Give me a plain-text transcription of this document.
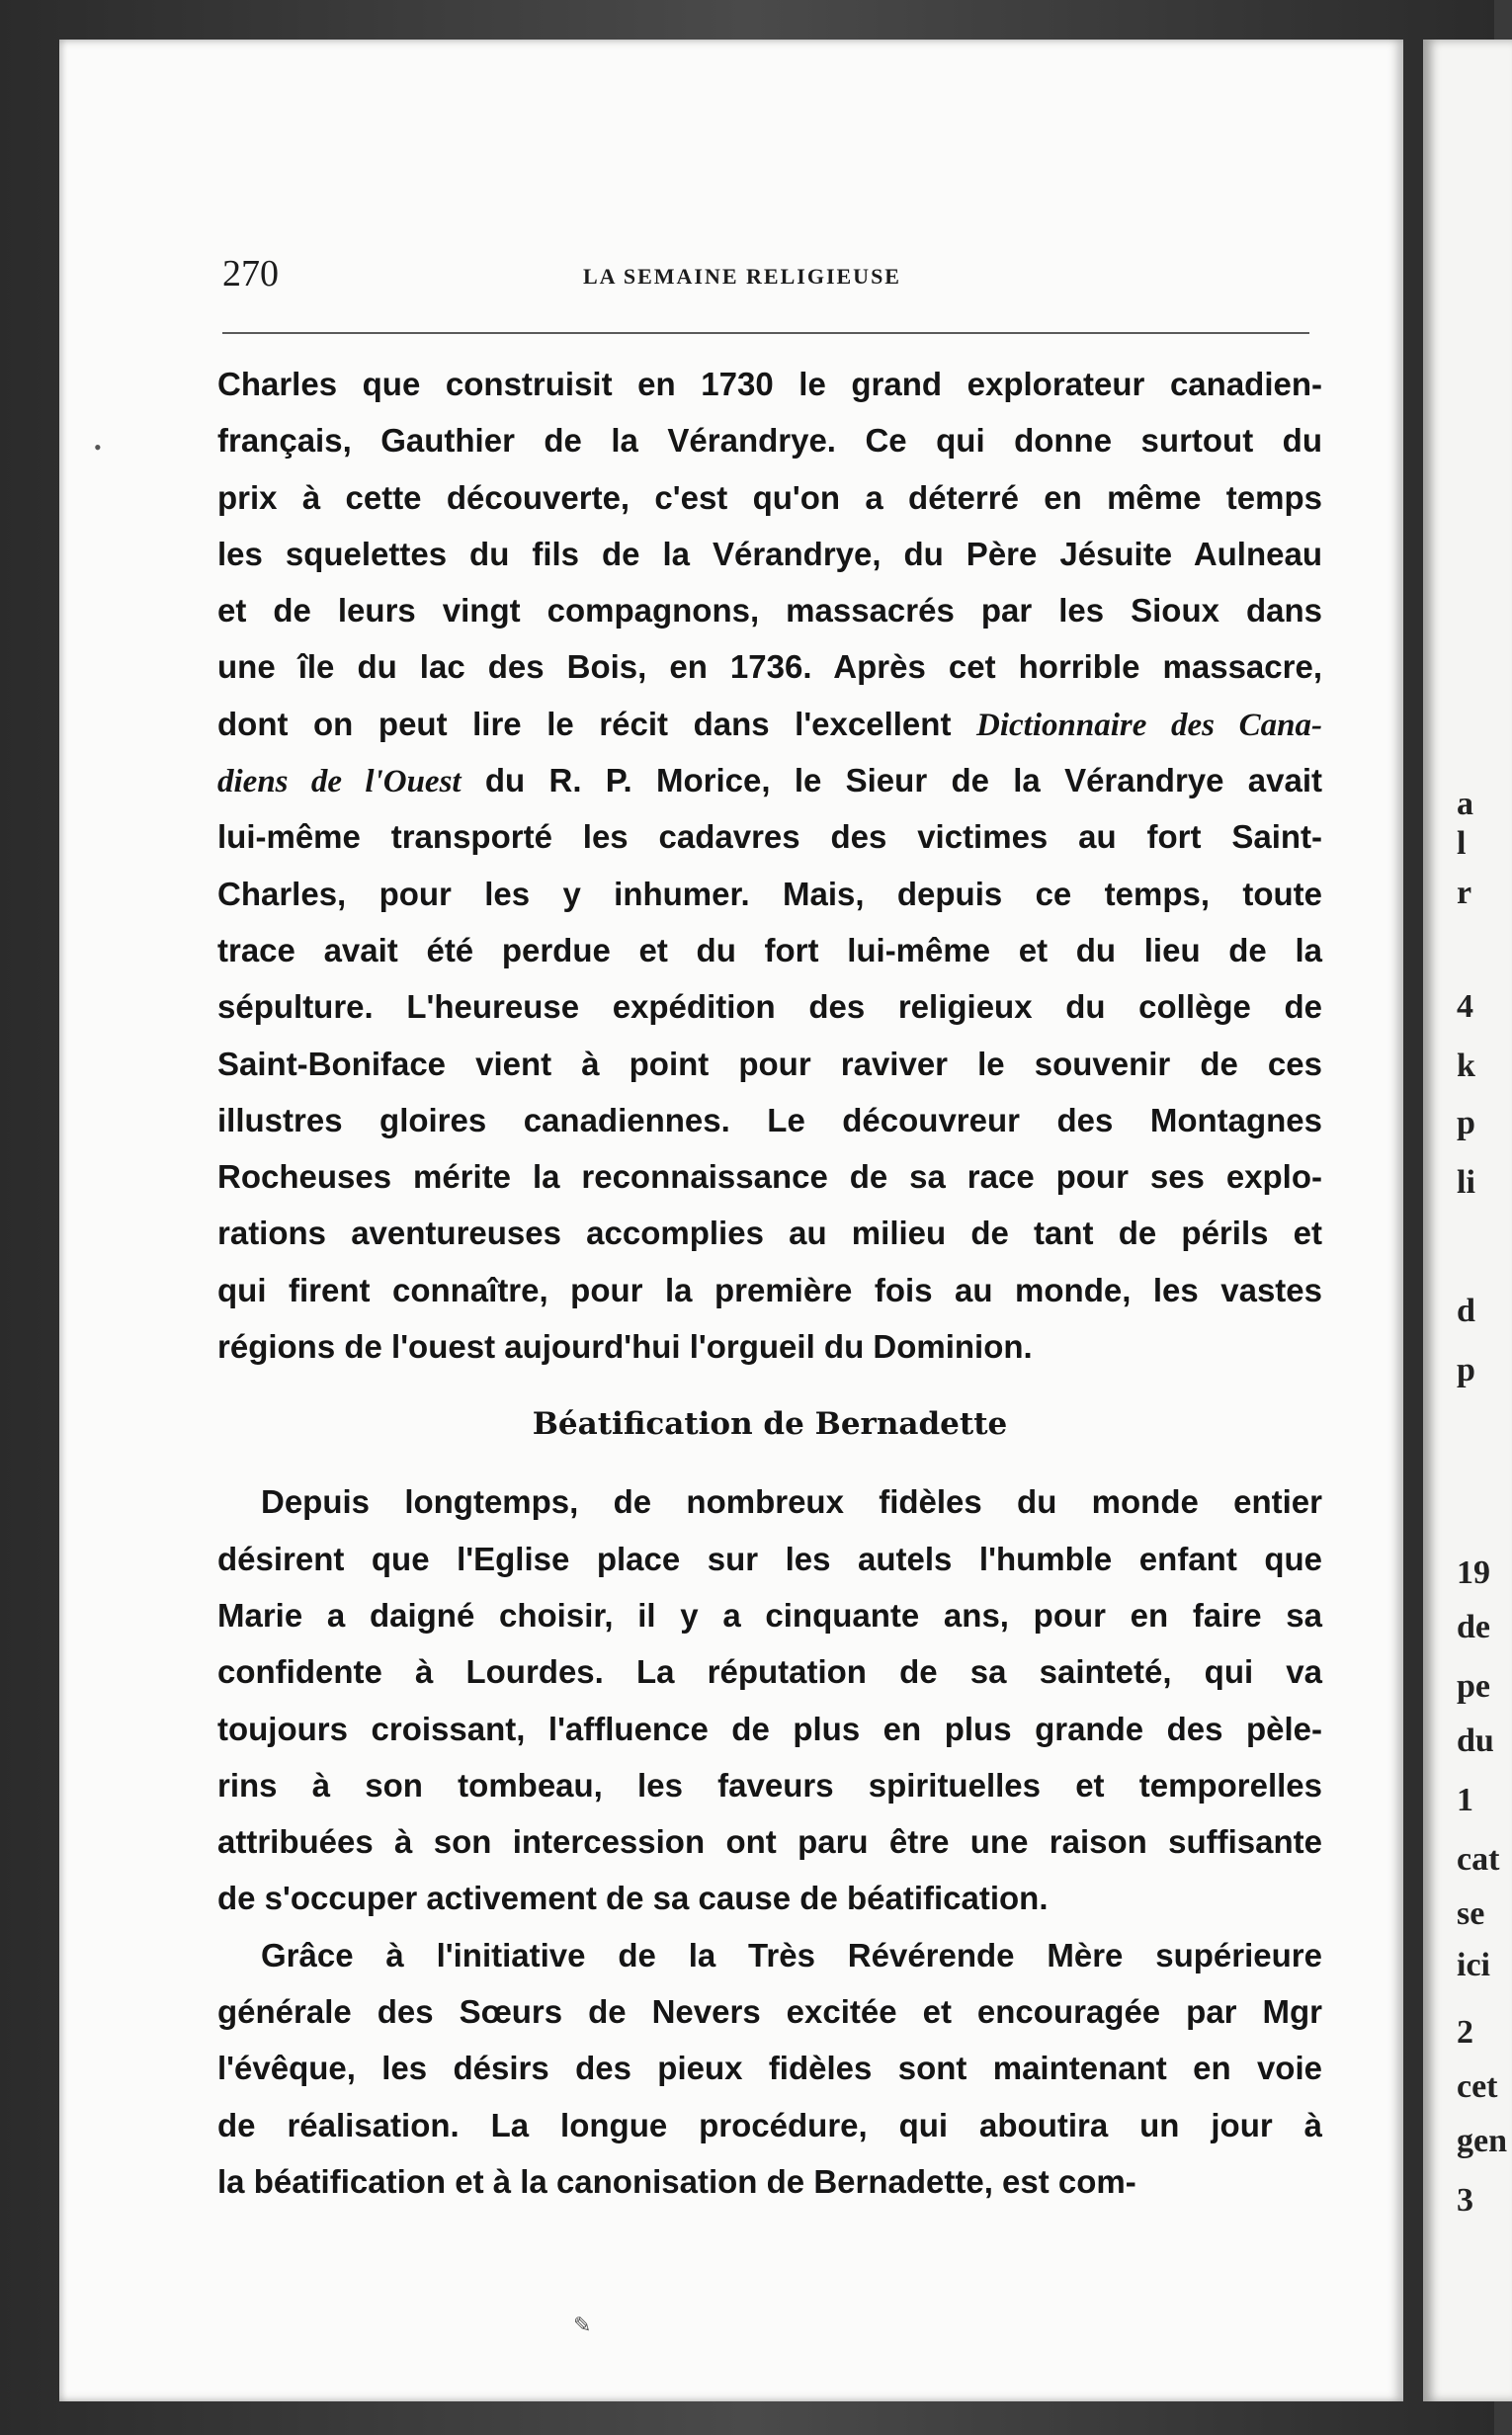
a
l
r
4
k
p
li
d
p
19
de
pe
du
1
cat
se
ici
2
cet
gen
3
270	LA SEMAINE RELIGIEUSE
Charles que construisit en 1730 le grand explorateur canadien-
français, Gauthier de la Vérandrye. Ce qui donne surtout du
prix à cette découverte, c'est qu'on a déterré en même temps
les squelettes du fils de la Vérandrye, du Père Jésuite Aulneau
et de leurs vingt compagnons, massacrés par les Sioux dans
une île du lac des Bois, en 1736. Après cet horrible massacre,
dont on peut lire le récit dans l'excellent Dictionnaire des Cana-
diens de l'Ouest du R. P. Morice, le Sieur de la Vérandrye avait
lui-même transporté les cadavres des victimes au fort Saint-
Charles, pour les y inhumer. Mais, depuis ce temps, toute
trace avait été perdue et du fort lui-même et du lieu de la
sépulture. L'heureuse expédition des religieux du collège de
Saint-Boniface vient à point pour raviver le souvenir de ces
illustres gloires canadiennes. Le découvreur des Montagnes
Rocheuses mérite la reconnaissance de sa race pour ses explo-
rations aventureuses accomplies au milieu de tant de périls et
qui firent connaître, pour la première fois au monde, les vastes
régions de l'ouest aujourd'hui l'orgueil du Dominion.
Béatification de Bernadette
Depuis longtemps, de nombreux fidèles du monde entier
désirent que l'Eglise place sur les autels l'humble enfant que
Marie a daigné choisir, il y a cinquante ans, pour en faire sa
confidente à Lourdes. La réputation de sa sainteté, qui va
toujours croissant, l'affluence de plus en plus grande des pèle-
rins à son tombeau, les faveurs spirituelles et temporelles
attribuées à son intercession ont paru être une raison suffisante
de s'occuper activement de sa cause de béatification.
Grâce à l'initiative de la Très Révérende Mère supérieure
générale des Sœurs de Nevers excitée et encouragée par Mgr
l'évêque, les désirs des pieux fidèles sont maintenant en voie
de réalisation. La longue procédure, qui aboutira un jour à
la béatification et à la canonisation de Bernadette, est com-
•
✎
